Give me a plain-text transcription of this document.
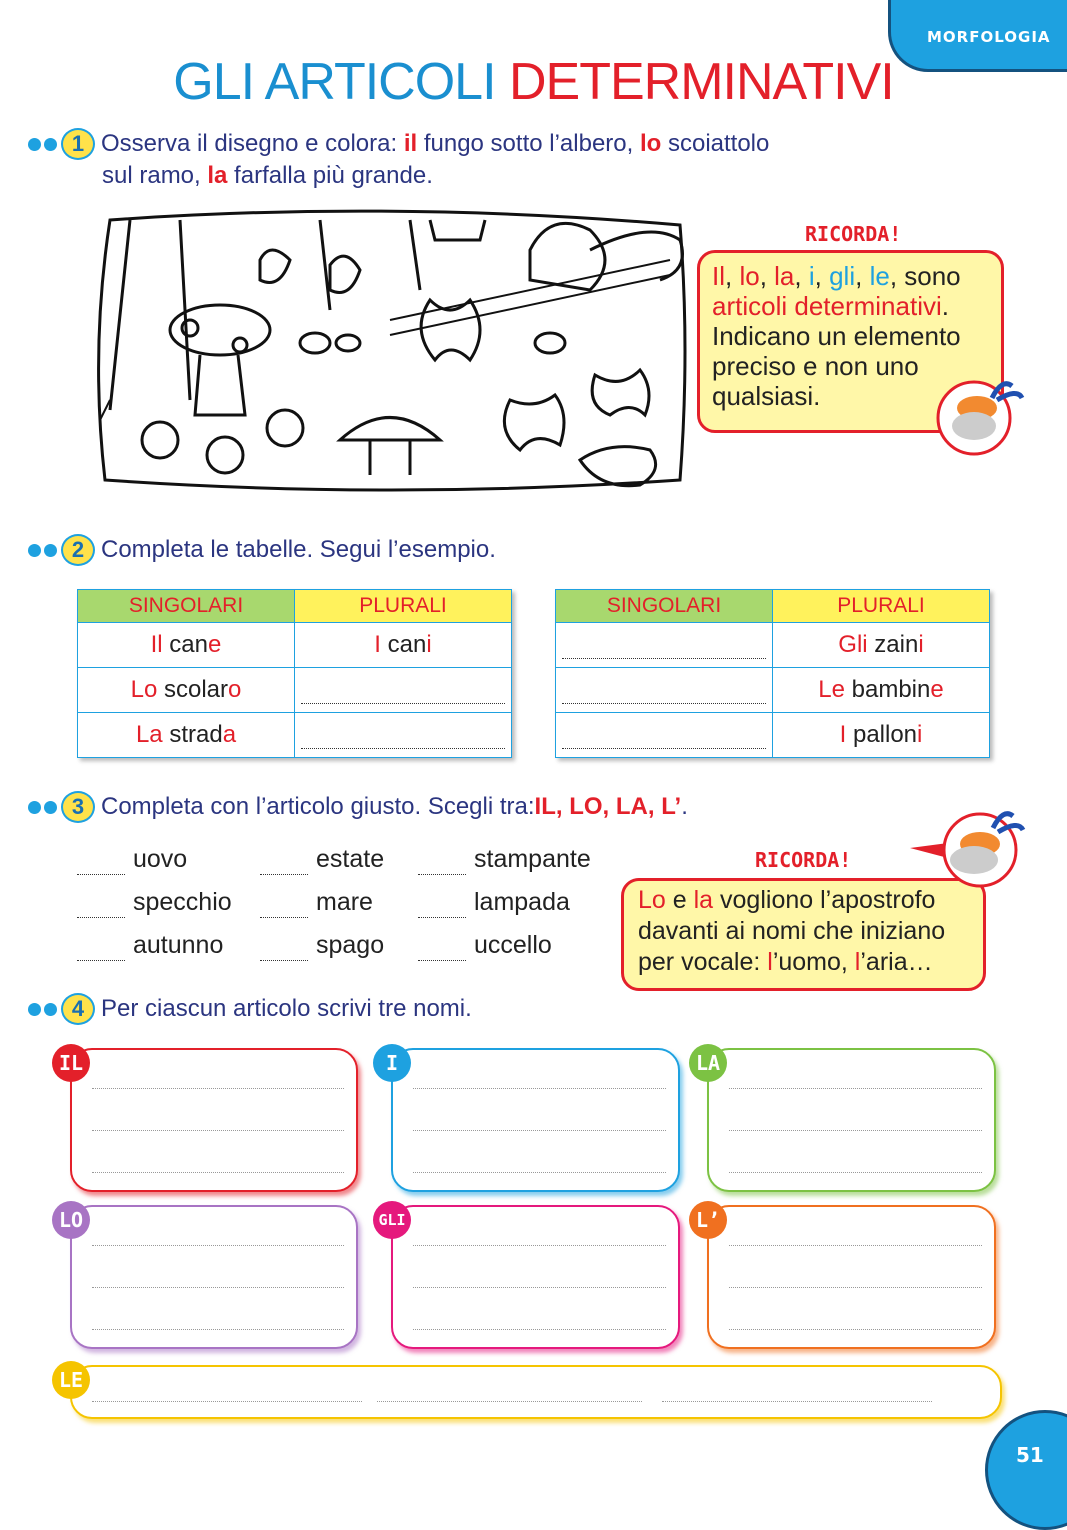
MORFOLOGIA
GLI ARTICOLI DETERMINATIVI
1 Osserva il disegno e colora: il fungo sotto l’albero, lo scoiattolo
sul ramo, la farfalla più grande.
RICORDA!
Il, lo, la, i, gli, le, sono
articoli determinativi.
Indicano un elemento
preciso e non uno
qualsiasi.
2 Completa le tabelle. Segui l’esempio.
SINGOLARI	PLURALI
Il cane	I cani
Lo scolaro	

La strada	
SINGOLARI	PLURALI

	Gli zaini

	Le bambine

	I palloni
3 Completa con l’articolo giusto. Scegli tra: IL, LO, LA, L’ .
uovo	estate	stampante
specchio	mare	lampada
autunno	spago	uccello
RICORDA!
Lo e la vogliono l’apostrofo
davanti ai nomi che iniziano
per vocale: l’uomo, l’aria…
4 Per ciascun articolo scrivi tre nomi.
IL	I	LA
LO	GLI	L’
LE
51
